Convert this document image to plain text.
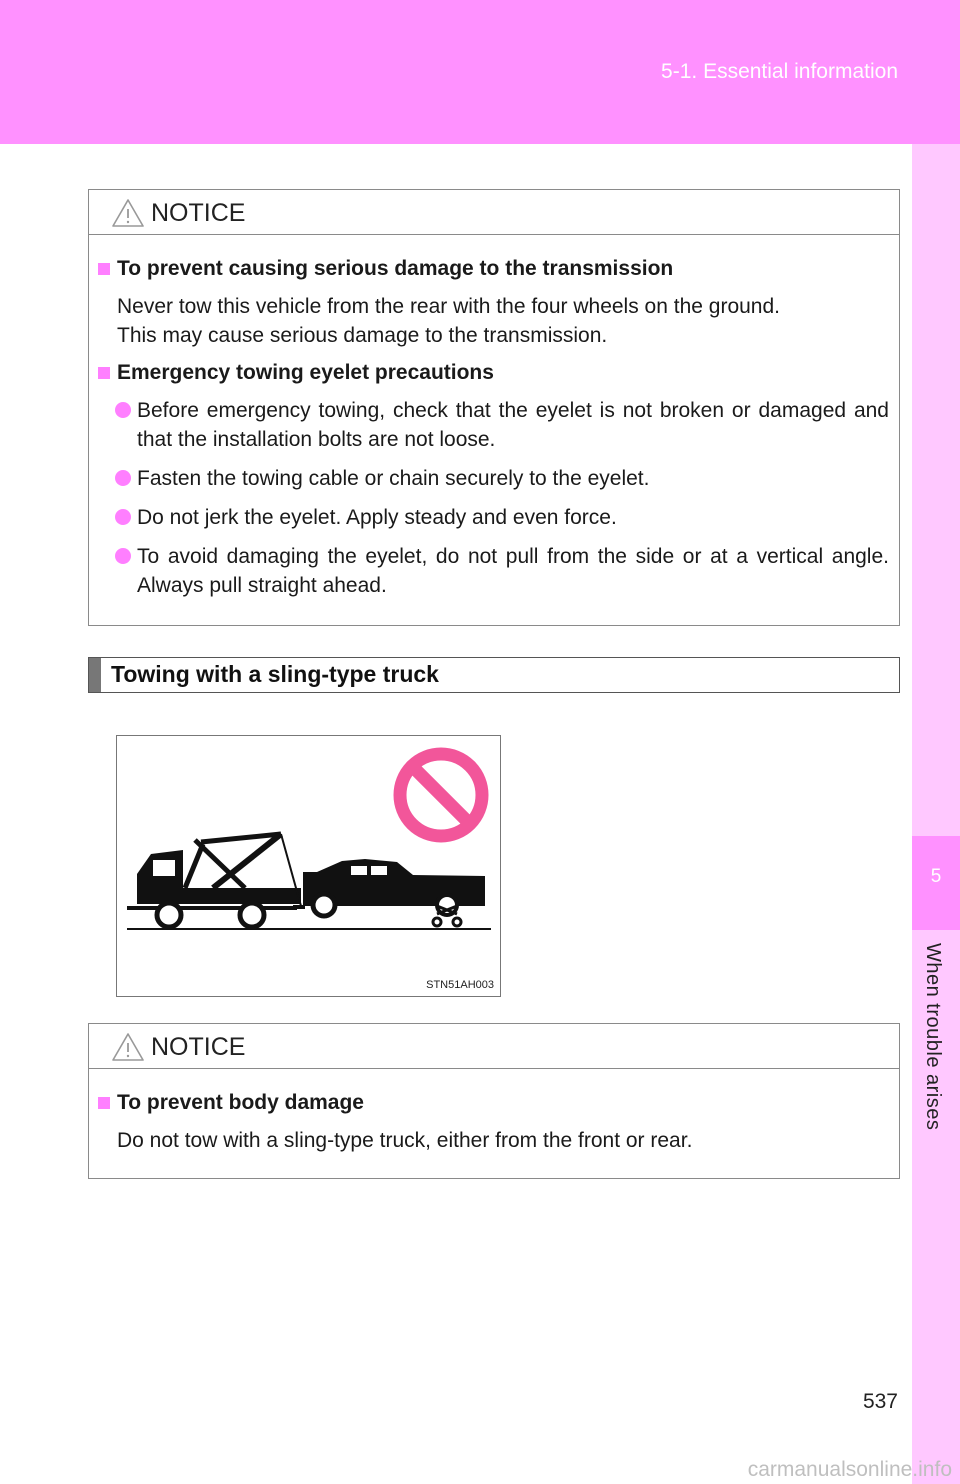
5-1. Essential information
5
When trouble arises
NOTICE
To prevent causing serious damage to the transmission
Never tow this vehicle from the rear with the four wheels on the ground.
This may cause serious damage to the transmission.
Emergency towing eyelet precautions
Before emergency towing, check that the eyelet is not broken or damaged and that the installation bolts are not loose.
Fasten the towing cable or chain securely to the eyelet.
Do not jerk the eyelet. Apply steady and even force.
To avoid damaging the eyelet, do not pull from the side or at a vertical angle. Always pull straight ahead.
Towing with a sling-type truck
STN51AH003
NOTICE
To prevent body damage
Do not tow with a sling-type truck, either from the front or rear.
537
carmanualsonline.info
